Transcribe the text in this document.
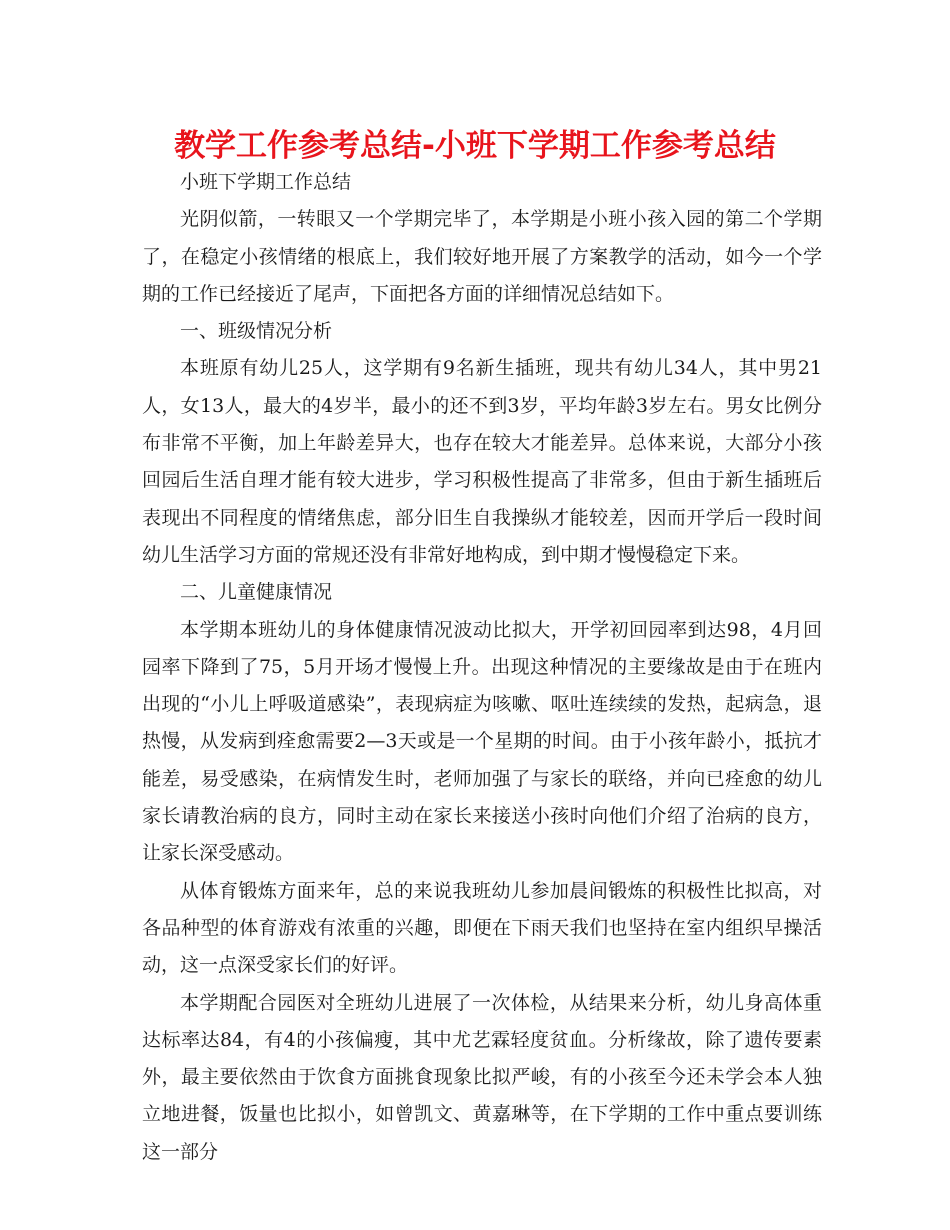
教学工作参考总结-小班下学期工作参考总结

小班下学期工作总结

光阴似箭，一转眼又一个学期完毕了，本学期是小班小孩入园的第二个学期了，在稳定小孩情绪的根底上，我们较好地开展了方案教学的活动，如今一个学期的工作已经接近了尾声，下面把各方面的详细情况总结如下。

一、班级情况分析

本班原有幼儿25人，这学期有9名新生插班，现共有幼儿34人，其中男21人，女13人，最大的4岁半，最小的还不到3岁，平均年龄3岁左右。男女比例分布非常不平衡，加上年龄差异大，也存在较大才能差异。总体来说，大部分小孩回园后生活自理才能有较大进步，学习积极性提高了非常多，但由于新生插班后表现出不同程度的情绪焦虑，部分旧生自我操纵才能较差，因而开学后一段时间幼儿生活学习方面的常规还没有非常好地构成，到中期才慢慢稳定下来。

二、儿童健康情况

本学期本班幼儿的身体健康情况波动比拟大，开学初回园率到达98，4月回园率下降到了75，5月开场才慢慢上升。出现这种情况的主要缘故是由于在班内出现的“小儿上呼吸道感染”，表现病症为咳嗽、呕吐连续续的发热，起病急，退热慢，从发病到痊愈需要2—3天或是一个星期的时间。由于小孩年龄小，抵抗才能差，易受感染，在病情发生时，老师加强了与家长的联络，并向已痊愈的幼儿家长请教治病的良方，同时主动在家长来接送小孩时向他们介绍了治病的良方，让家长深受感动。

从体育锻炼方面来年，总的来说我班幼儿参加晨间锻炼的积极性比拟高，对各品种型的体育游戏有浓重的兴趣，即便在下雨天我们也坚持在室内组织早操活动，这一点深受家长们的好评。

本学期配合园医对全班幼儿进展了一次体检，从结果来分析，幼儿身高体重达标率达84，有4的小孩偏瘦，其中尤艺霖轻度贫血。分析缘故，除了遗传要素外，最主要依然由于饮食方面挑食现象比拟严峻，有的小孩至今还未学会本人独立地进餐，饭量也比拟小，如曾凯文、黄嘉琳等，在下学期的工作中重点要训练这一部分
